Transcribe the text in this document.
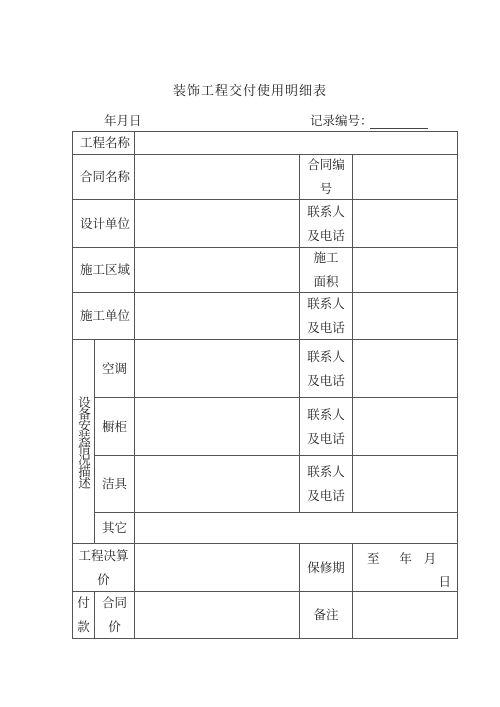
装饰工程交付使用明细表
年月日	记录编号：
工程名称
合同名称
合同编号
设计单位
联系人及电话
施工区域
施工面积
施工单位
联系人及电话
设备安装情况描述
空调
联系人及电话
橱柜
联系人及电话
洁具
联系人及电话
其它
工程决算价
保修期
至     年   月
日
付款
合同价
备注
